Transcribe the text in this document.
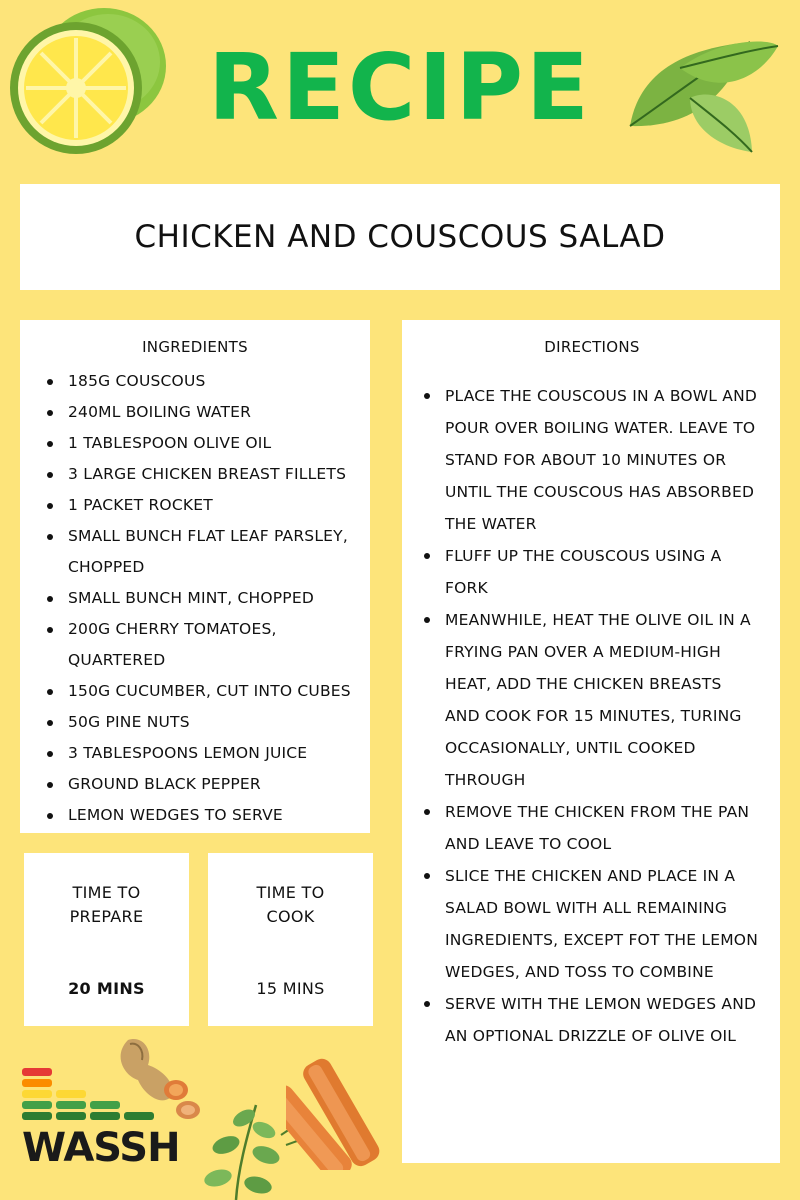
RECIPE
CHICKEN AND COUSCOUS SALAD
INGREDIENTS
185G COUSCOUS
240ML BOILING WATER
1 TABLESPOON OLIVE OIL
3 LARGE CHICKEN BREAST FILLETS
1 PACKET ROCKET
SMALL BUNCH FLAT LEAF PARSLEY, CHOPPED
SMALL BUNCH MINT, CHOPPED
200G CHERRY TOMATOES, QUARTERED
150G CUCUMBER, CUT INTO CUBES
50G PINE NUTS
3 TABLESPOONS LEMON JUICE
GROUND BLACK PEPPER
LEMON WEDGES TO SERVE
DIRECTIONS
PLACE THE COUSCOUS IN A BOWL AND POUR OVER BOILING WATER. LEAVE TO STAND FOR ABOUT 10 MINUTES OR UNTIL THE COUSCOUS HAS ABSORBED THE WATER
FLUFF UP THE COUSCOUS USING A FORK
MEANWHILE, HEAT THE OLIVE OIL IN A FRYING PAN OVER A MEDIUM-HIGH HEAT, ADD THE CHICKEN BREASTS AND COOK FOR 15 MINUTES, TURING OCCASIONALLY, UNTIL COOKED THROUGH
REMOVE THE CHICKEN FROM THE PAN AND LEAVE TO COOL
SLICE THE CHICKEN AND PLACE IN A SALAD BOWL WITH ALL REMAINING INGREDIENTS, EXCEPT FOT THE LEMON WEDGES, AND TOSS TO COMBINE
SERVE WITH THE LEMON WEDGES AND AN OPTIONAL DRIZZLE OF OLIVE OIL
TIME TO PREPARE
20 MINS
TIME TO COOK
15 MINS
WASSH
